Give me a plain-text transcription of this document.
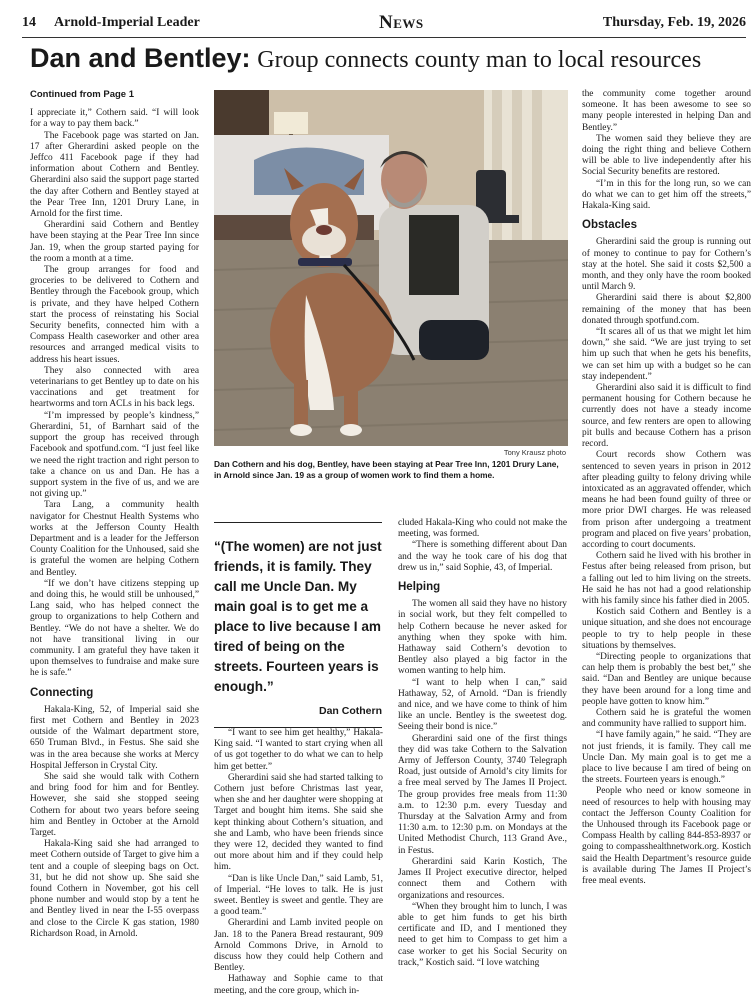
14 Arnold-Imperial Leader	News	Thursday, Feb. 19, 2026
Dan and Bentley: Group connects county man to local resources
Continued from Page 1

I appreciate it,” Cothern said. “I will look for a way to pay them back.”

The Facebook page was started on Jan. 17 after Gherardini asked people on the Jeffco 411 Facebook page if they had information about Cothern and Bentley. Gherardini also said the support page started the day after Cothern and Bentley stayed at the Pear Tree Inn, 1201 Drury Lane, in Arnold for the first time.

Gherardini said Cothern and Bentley have been staying at the Pear Tree Inn since Jan. 19, when the group started paying for the room a month at a time.

The group arranges for food and groceries to be delivered to Cothern and Bentley through the Facebook group, which is private, and they have helped Cothern start the process of reinstating his Social Security benefits, connected him with a Compass Health caseworker and other area resources and arranged medical visits to address his heart issues.

They also connected with area veterinarians to get Bentley up to date on his vaccinations and get treatment for heartworms and torn ACLs in his back legs.

“I’m impressed by people’s kindness,” Gherardini, 51, of Barnhart said of the support the group has received through Facebook and spotfund.com. “I just feel like we need the right traction and right person to take a chance on us and Dan. He has a support system in the five of us, and we are not giving up.”

Tara Lang, a community health navigator for Chestnut Health Systems who works at the Jefferson County Health Department and is a leader for the Jefferson County Coalition for the Unhoused, said she is grateful the women are helping Cothern and Bentley.

“If we don’t have citizens stepping up and doing this, he would still be unhoused,” Lang said, who has helped connect the group to organizations to help Cothern and Bentley. “We do not have a shelter. We do not have transitional living in our community. I am grateful they have taken it upon themselves to fundraise and make sure he is safe.”

Connecting

Hakala-King, 52, of Imperial said she first met Cothern and Bentley in 2023 outside of the Walmart department store, 650 Truman Blvd., in Festus. She said she was in the area because she works at Mercy Hospital Jefferson in Crystal City.

She said she would talk with Cothern and bring food for him and for Bentley. However, she said she stopped seeing Cothern for about two years before seeing him and Bentley in October at the Arnold Target.

Hakala-King said she had arranged to meet Cothern outside of Target to give him a tent and a couple of sleeping bags on Oct. 31, but he did not show up. She said she found Cothern in November, got his cell phone number and would stop by a tent he and Bentley lived in near the I-55 overpass and close to the Circle K gas station, 1980 Richardson Road, in Arnold.

Tony Krausz photo
Dan Cothern and his dog, Bentley, have been staying at Pear Tree Inn, 1201 Drury Lane, in Arnold since Jan. 19 as a group of women work to find them a home.
“(The women) are not just friends, it is family. They call me Uncle Dan. My main goal is to get me a place to live because I am tired of being on the streets. Fourteen years is enough.”
Dan Cothern

“I want to see him get healthy,” Hakala-King said. “I wanted to start crying when all of us got together to do what we can to help him get better.”

Gherardini said she had started talking to Cothern just before Christmas last year, when she and her daughter were shopping at Target and bought him items. She said she kept thinking about Cothern’s situation, and she and Lamb, who have been friends since they were 12, decided they wanted to find out more about him and if they could help him.

“Dan is like Uncle Dan,” said Lamb, 51, of Imperial. “He loves to talk. He is just sweet. Bentley is sweet and gentle. They are a good team.”

Gherardini and Lamb invited people on Jan. 18 to the Panera Bread restaurant, 909 Arnold Commons Drive, in Arnold to discuss how they could help Cothern and Bentley.

Hathaway and Sophie came to that meeting, and the core group, which in-

cluded Hakala-King who could not make the meeting, was formed.

“There is something different about Dan and the way he took care of his dog that drew us in,” said Sophie, 43, of Imperial.

Helping

The women all said they have no history in social work, but they felt compelled to help Cothern because he never asked for anything when they spoke with him. Hathaway said Cothern’s devotion to Bentley also played a big factor in the women wanting to help him.

“I want to help when I can,” said Hathaway, 52, of Arnold. “Dan is friendly and nice, and we have come to think of him like an uncle. Bentley is the sweetest dog. Seeing their bond is nice.”

Gherardini said one of the first things they did was take Cothern to the Salvation Army of Jefferson County, 3740 Telegraph Road, just outside of Arnold’s city limits for a free meal served by The James II Project. The group provides free meals from 11:30 a.m. to 12:30 p.m. every Tuesday and Thursday at the Salvation Army and from 11:30 a.m. to 12:30 p.m. on Mondays at the United Methodist Church, 113 Grand Ave., in Festus.

Gherardini said Karin Kostich, The James II Project executive director, helped connect them and Cothern with organizations and resources.

“When they brought him to lunch, I was able to get him funds to get his birth certificate and ID, and I mentioned they need to get him to Compass to get him a case worker to get his Social Security on track,” Kostich said. “I love watching

the community come together around someone. It has been awesome to see so many people interested in helping Dan and Bentley.”

The women said they believe they are doing the right thing and believe Cothern will be able to live independently after his Social Security benefits are restored.

“I’m in this for the long run, so we can do what we can to get him off the streets,” Hakala-King said.

Obstacles

Gherardini said the group is running out of money to continue to pay for Cothern’s stay at the hotel. She said it costs $2,500 a month, and they only have the room booked until March 9.

Gherardini said there is about $2,800 remaining of the money that has been donated through spotfund.com.

“It scares all of us that we might let him down,” she said. “We are just trying to set him up such that when he gets his benefits, we can set him up with a budget so he can stay independent.”

Gherardini also said it is difficult to find permanent housing for Cothern because he currently does not have a steady income source, and few renters are open to allowing pit bulls and because Cothern has a prison record.

Court records show Cothern was sentenced to seven years in prison in 2012 after pleading guilty to felony driving while intoxicated as an aggravated offender, which means he had been found guilty of three or more prior DWI charges. He was released from prison after undergoing a treatment program and placed on five years’ probation, according to court documents.

Cothern said he lived with his brother in Festus after being released from prison, but a falling out led to him living on the streets. He said he has not had a good relationship with his family since his father died in 2005.

Kostich said Cothern and Bentley is a unique situation, and she does not encourage people to try to help people in these situations by themselves.

“Directing people to organizations that can help them is probably the best bet,” she said. “Dan and Bentley are unique because they have been around for a long time and people have gotten to know him.”

Cothern said he is grateful the women and community have rallied to support him.

“I have family again,” he said. “They are not just friends, it is family. They call me Uncle Dan. My main goal is to get me a place to live because I am tired of being on the streets. Fourteen years is enough.”

People who need or know someone in need of resources to help with housing may contact the Jefferson County Coalition for the Unhoused through its Facebook page or Compass Health by calling 844-853-8937 or going to compasshealthnetwork.org. Kostich said the Health Department’s resource guide is available during The James II Project’s free meal events.
